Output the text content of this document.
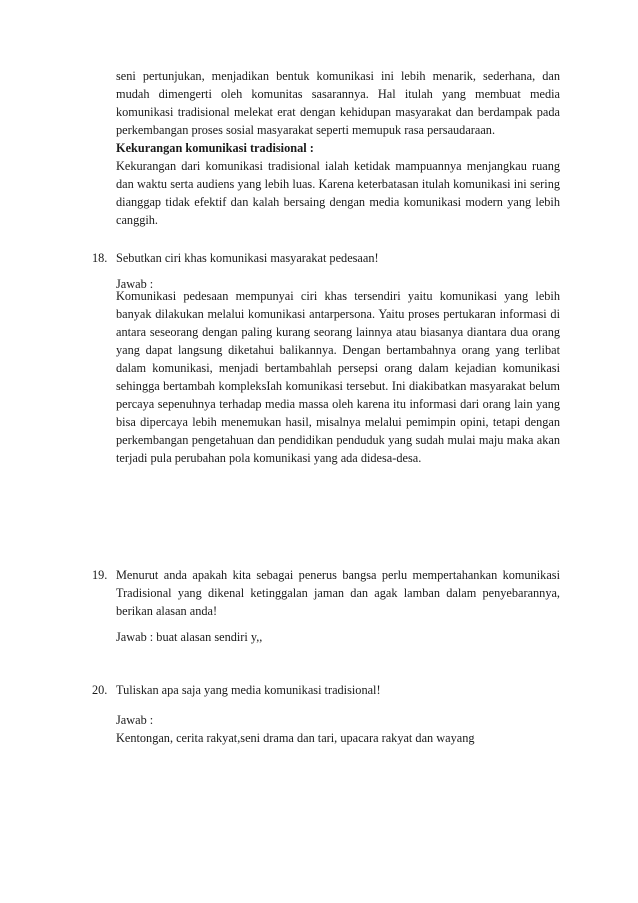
seni pertunjukan, menjadikan bentuk komunikasi ini lebih menarik, sederhana, dan mudah dimengerti oleh komunitas sasarannya. Hal itulah yang membuat media komunikasi tradisional melekat erat dengan kehidupan masyarakat dan berdampak pada perkembangan proses sosial masyarakat seperti memupuk rasa persaudaraan.

Kekurangan komunikasi tradisional :

Kekurangan dari komunikasi tradisional ialah ketidak mampuannya menjangkau ruang dan waktu serta audiens yang lebih luas. Karena keterbatasan itulah komunikasi ini sering dianggap tidak efektif dan kalah bersaing dengan media komunikasi modern yang lebih canggih.

18. Sebutkan ciri khas komunikasi masyarakat pedesaan!

Jawab :

Komunikasi pedesaan mempunyai ciri khas tersendiri yaitu komunikasi yang lebih banyak dilakukan melalui komunikasi antarpersona. Yaitu proses pertukaran informasi di antara seseorang dengan paling kurang seorang lainnya atau biasanya diantara dua orang yang dapat langsung diketahui balikannya. Dengan bertambahnya orang yang terlibat dalam komunikasi, menjadi bertambahlah persepsi orang dalam kejadian komunikasi sehingga bertambah kompleksIah komunikasi tersebut. Ini diakibatkan masyarakat belum percaya sepenuhnya terhadap media massa oleh karena itu informasi dari orang lain yang bisa dipercaya lebih menemukan hasil, misalnya melalui pemimpin opini, tetapi dengan perkembangan pengetahuan dan pendidikan penduduk yang sudah mulai maju maka akan terjadi pula perubahan pola komunikasi yang ada didesa-desa.

19. Menurut anda apakah kita sebagai penerus bangsa perlu mempertahankan komunikasi Tradisional yang dikenal ketinggalan jaman dan agak lamban dalam penyebarannya, berikan alasan anda!

Jawab : buat alasan sendiri y,,
20. Tuliskan apa saja yang media komunikasi tradisional!

Jawab :

Kentongan, cerita rakyat,seni drama dan tari, upacara rakyat dan wayang
